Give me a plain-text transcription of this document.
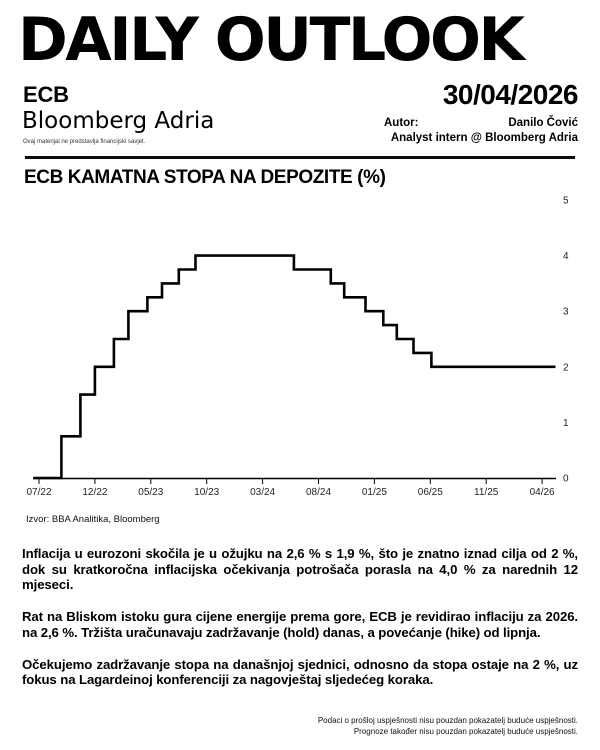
DAILY OUTLOOK
ECB	30/04/2026
Bloomberg Adria
Ovaj materijal ne predstavlja financijski savjet.
Autor:	Danilo Čović
Analyst intern @ Bloomberg Adria
ECB KAMATNA STOPA NA DEPOZITE (%)
07/22	12/22	05/23	10/23	03/24	08/24	01/25	06/25	11/25	04/26
0
1
2
3
4
5
Izvor: BBA Analitika, Bloomberg

Inflacija u eurozoni skočila je u ožujku na 2,6 % s 1,9 %, što je znatno iznad cilja od 2 %, dok su kratkoročna inflacijska očekivanja potrošača porasla na 4,0 % za narednih 12 mjeseci.

Rat na Bliskom istoku gura cijene energije prema gore, ECB je revidirao inflaciju za 2026. na 2,6 %. Tržišta uračunavaju zadržavanje (hold) danas, a povećanje (hike) od lipnja.

Očekujemo zadržavanje stopa na današnjoj sjednici, odnosno da stopa ostaje na 2 %, uz fokus na Lagardeinoj konferenciji za nagovještaj sljedećeg koraka.

Podaci o prošloj uspješnosti nisu pouzdan pokazatelj buduće uspješnosti.
Prognoze također nisu pouzdan pokazatelj buduće uspješnosti.
